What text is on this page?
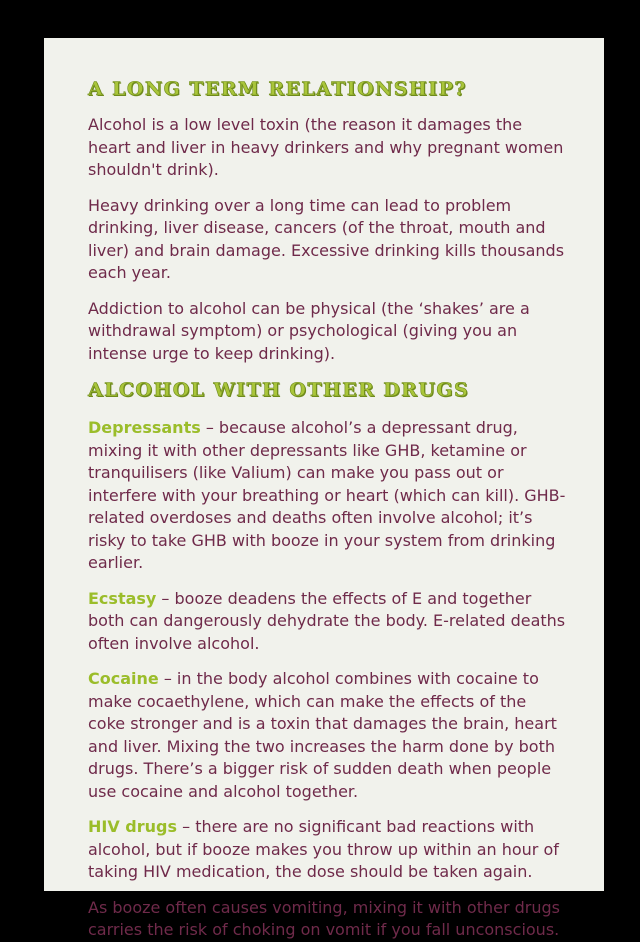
A LONG TERM RELATIONSHIP?

Alcohol is a low level toxin (the reason it damages the heart and liver in heavy drinkers and why pregnant women shouldn't drink).

Heavy drinking over a long time can lead to problem drinking, liver disease, cancers (of the throat, mouth and liver) and brain damage. Excessive drinking kills thousands each year.

Addiction to alcohol can be physical (the ‘shakes’ are a withdrawal symptom) or psychological (giving you an intense urge to keep drinking).

ALCOHOL WITH OTHER DRUGS

Depressants – because alcohol’s a depressant drug, mixing it with other depressants like GHB, ketamine or tranquilisers (like Valium) can make you pass out or interfere with your breathing or heart (which can kill). GHB-related overdoses and deaths often involve alcohol; it’s risky to take GHB with booze in your system from drinking earlier.

Ecstasy – booze deadens the effects of E and together both can dangerously dehydrate the body. E-related deaths often involve alcohol.

Cocaine – in the body alcohol combines with cocaine to make cocaethylene, which can make the effects of the coke stronger and is a toxin that damages the brain, heart and liver. Mixing the two increases the harm done by both drugs. There’s a bigger risk of sudden death when people use cocaine and alcohol together.

HIV drugs – there are no significant bad reactions with alcohol, but if booze makes you throw up within an hour of taking HIV medication, the dose should be taken again.

As booze often causes vomiting, mixing it with other drugs carries the risk of choking on vomit if you fall unconscious.
